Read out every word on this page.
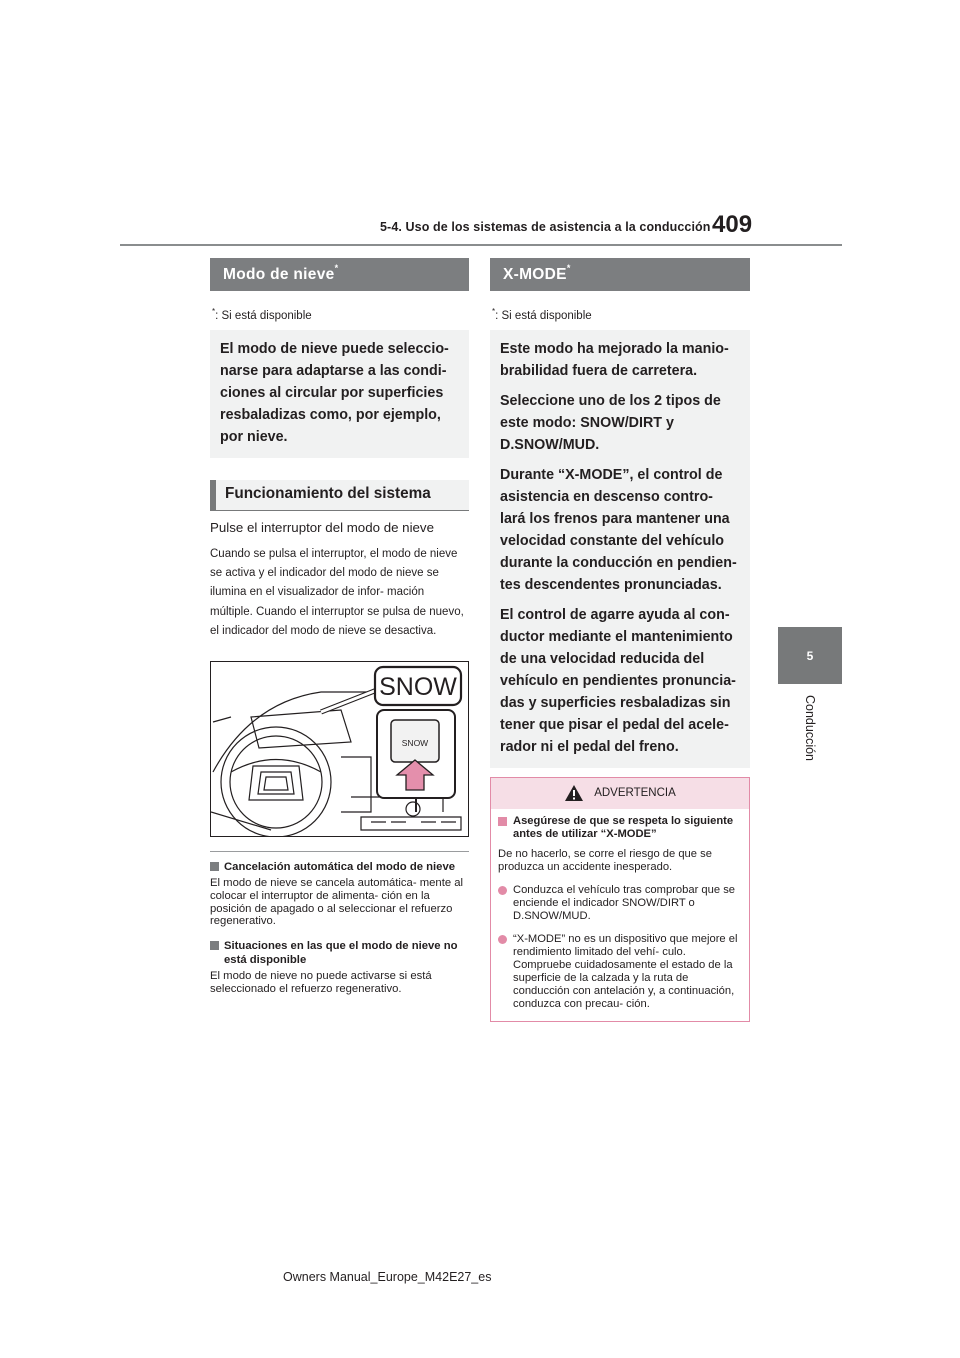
5-4. Uso de los sistemas de asistencia a la conducción 409
5
Conducción
Modo de nieve*
*: Si está disponible

El modo de nieve puede seleccio- narse para adaptarse a las condi- ciones al circular por superficies resbaladizas como, por ejemplo, por nieve.

Funcionamiento del sistema
Pulse el interruptor del modo de nieve
Cuando se pulsa el interruptor, el modo de nieve se activa y el indicador del modo de nieve se ilumina en el visualizador de infor- mación múltiple. Cuando el interruptor se pulsa de nuevo, el indicador del modo de nieve se desactiva.
SNOW
SNOW
Cancelación automática del modo de nieve
El modo de nieve se cancela automática- mente al colocar el interruptor de alimenta- ción en la posición de apagado o al seleccionar el refuerzo regenerativo.
Situaciones en las que el modo de nieve no está disponible
El modo de nieve no puede activarse si está seleccionado el refuerzo regenerativo.
X-MODE*
*: Si está disponible

Este modo ha mejorado la manio- brabilidad fuera de carretera.

Seleccione uno de los 2 tipos de este modo: SNOW/DIRT y D.SNOW/MUD.

Durante “X-MODE”, el control de asistencia en descenso contro- lará los frenos para mantener una velocidad constante del vehículo durante la conducción en pendien- tes descendentes pronunciadas.

El control de agarre ayuda al con- ductor mediante el mantenimiento de una velocidad reducida del vehículo en pendientes pronuncia- das y superficies resbaladizas sin tener que pisar el pedal del acele- rador ni el pedal del freno.

ADVERTENCIA
Asegúrese de que se respeta lo siguiente antes de utilizar “X-MODE”
De no hacerlo, se corre el riesgo de que se produzca un accidente inesperado.
Conduzca el vehículo tras comprobar que se enciende el indicador SNOW/DIRT o D.SNOW/MUD.
“X-MODE” no es un dispositivo que mejore el rendimiento limitado del vehí- culo. Compruebe cuidadosamente el estado de la superficie de la calzada y la ruta de conducción con antelación y, a continuación, conduzca con precau- ción.
Owners Manual_Europe_M42E27_es
